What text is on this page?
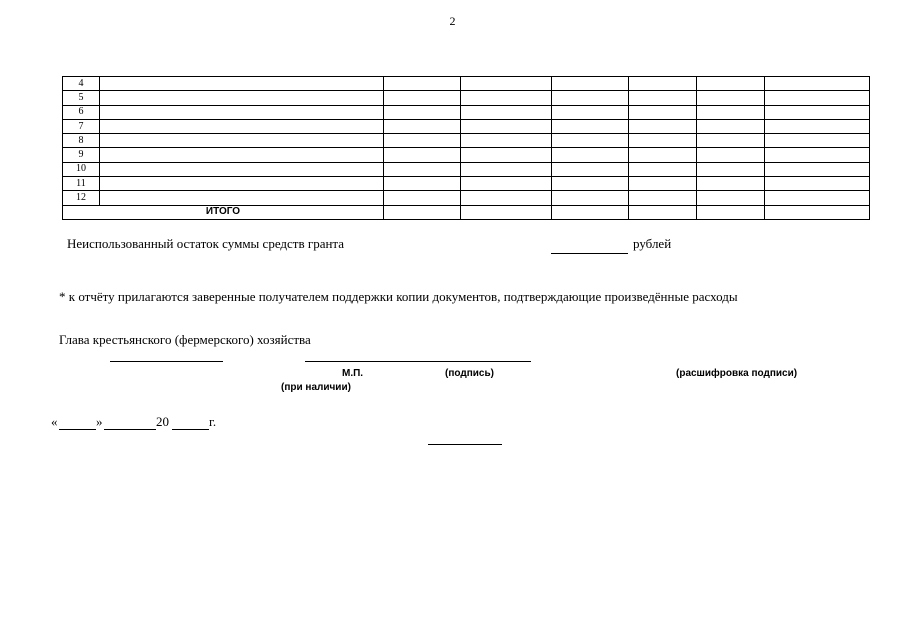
2
4							
5							
6							
7							
8							
9							
10							
11							
12							
ИТОГО							
Неиспользованный остаток суммы средств гранта	рублей
* к отчёту прилагаются заверенные получателем поддержки копии документов, подтверждающие произведённые расходы
Глава крестьянского (фермерского) хозяйства
М.П.	(подпись)	(расшифровка подписи)
(при наличии)
«	»	20	г.
